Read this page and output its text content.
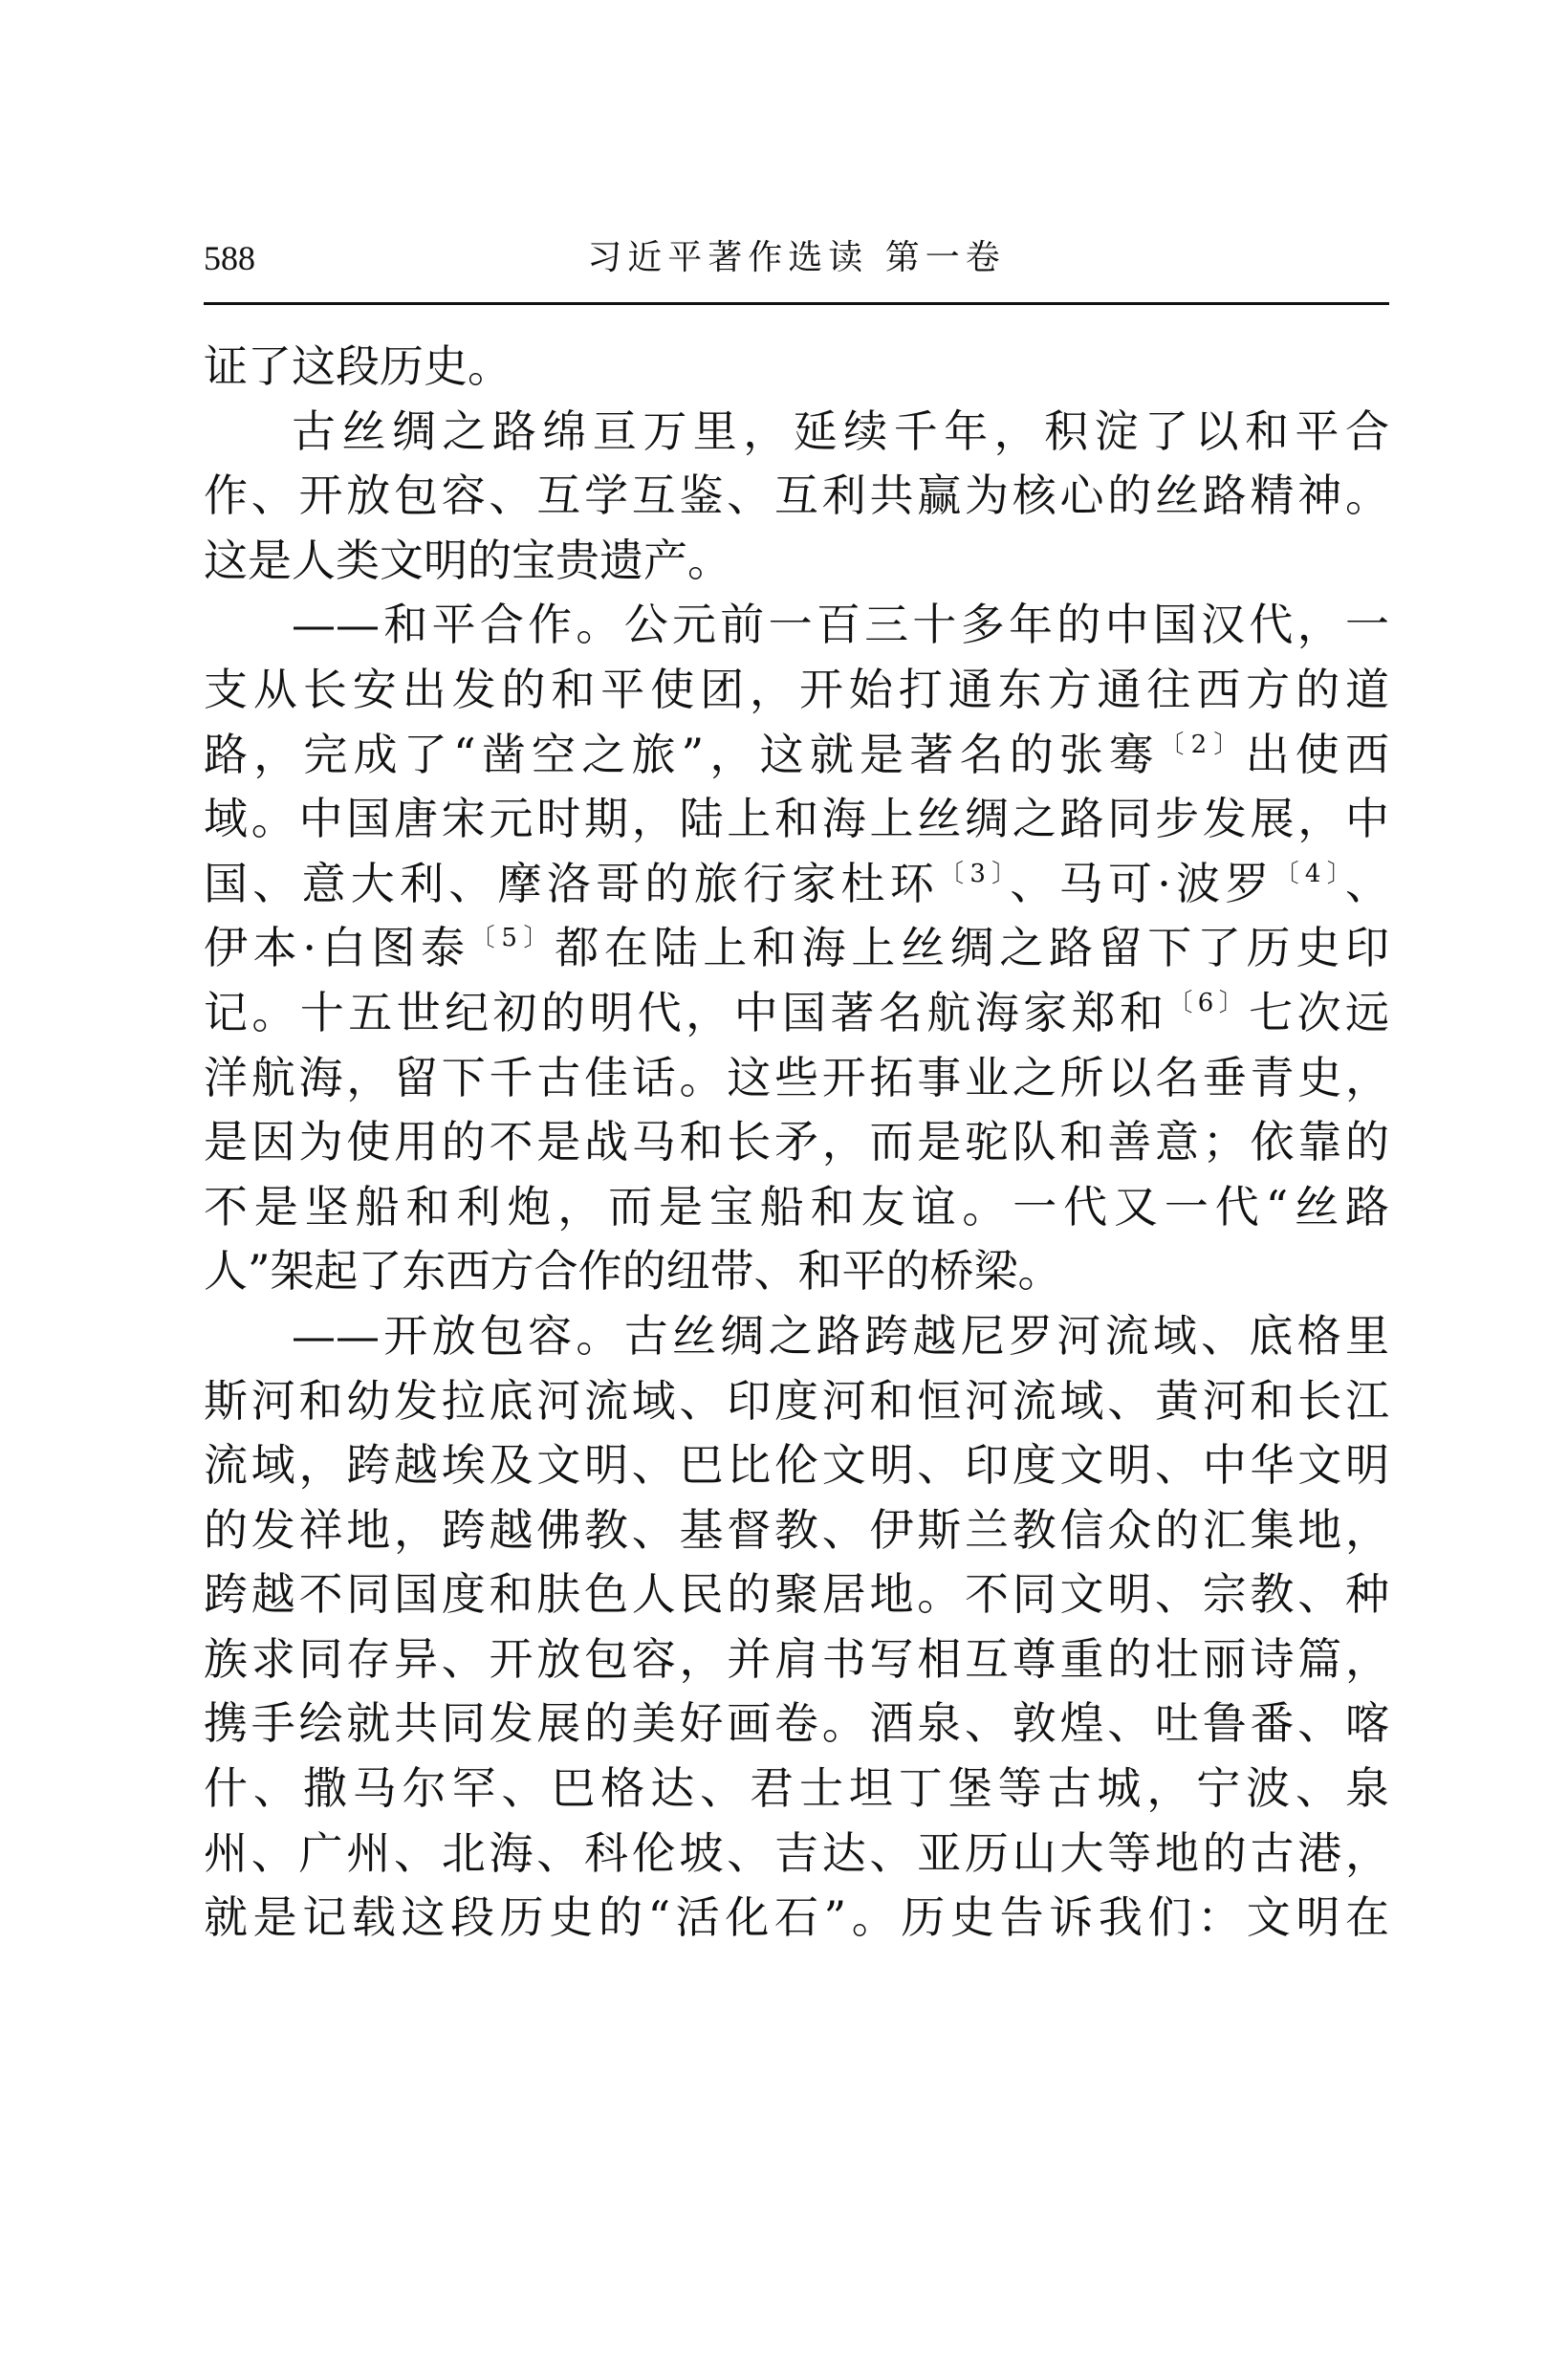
588	习近平著作选读 第一卷
证了这段历史。
古丝绸之路绵亘万里，延续千年，积淀了以和平合
作、开放包容、互学互鉴、互利共赢为核心的丝路精神。
这是人类文明的宝贵遗产。
——和平合作。公元前一百三十多年的中国汉代，一
支从长安出发的和平使团，开始打通东方通往西方的道
路，完成了“凿空之旅”，这就是著名的张骞$^{〔2〕}$出使西
域。中国唐宋元时期，陆上和海上丝绸之路同步发展，中
国、意大利、摩洛哥的旅行家杜环$^{〔3〕}$、马可·波罗$^{〔4〕}$、
伊本·白图泰$^{〔5〕}$都在陆上和海上丝绸之路留下了历史印
记。十五世纪初的明代，中国著名航海家郑和$^{〔6〕}$七次远
洋航海，留下千古佳话。这些开拓事业之所以名垂青史，
是因为使用的不是战马和长矛，而是驼队和善意；依靠的
不是坚船和利炮，而是宝船和友谊。一代又一代“丝路
人”架起了东西方合作的纽带、和平的桥梁。
——开放包容。古丝绸之路跨越尼罗河流域、底格里
斯河和幼发拉底河流域、印度河和恒河流域、黄河和长江
流域，跨越埃及文明、巴比伦文明、印度文明、中华文明
的发祥地，跨越佛教、基督教、伊斯兰教信众的汇集地，
跨越不同国度和肤色人民的聚居地。不同文明、宗教、种
族求同存异、开放包容，并肩书写相互尊重的壮丽诗篇，
携手绘就共同发展的美好画卷。酒泉、敦煌、吐鲁番、喀
什、撒马尔罕、巴格达、君士坦丁堡等古城，宁波、泉
州、广州、北海、科伦坡、吉达、亚历山大等地的古港，
就是记载这段历史的“活化石”。历史告诉我们：文明在
